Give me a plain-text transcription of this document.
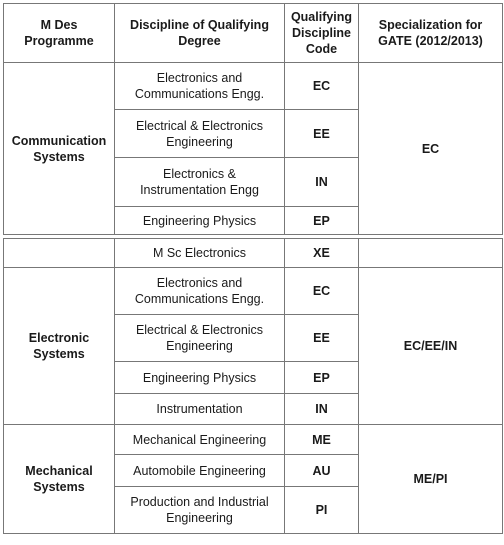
M Des Programme	Discipline of Qualifying Degree	Qualifying Discipline Code	Specialization for GATE (2012/2013)
Communication Systems	Electronics and Communications Engg.	EC	EC
	Electrical & Electronics Engineering	EE	
	Electronics & Instrumentation Engg	IN	
	Engineering Physics	EP	
	M Sc Electronics	XE	
Electronic Systems	Electronics and Communications Engg.	EC	EC/EE/IN
	Electrical & Electronics Engineering	EE	
	Engineering Physics	EP	
	Instrumentation	IN	
Mechanical Systems	Mechanical Engineering	ME	ME/PI
	Automobile Engineering	AU	
	Production and Industrial Engineering	PI	
